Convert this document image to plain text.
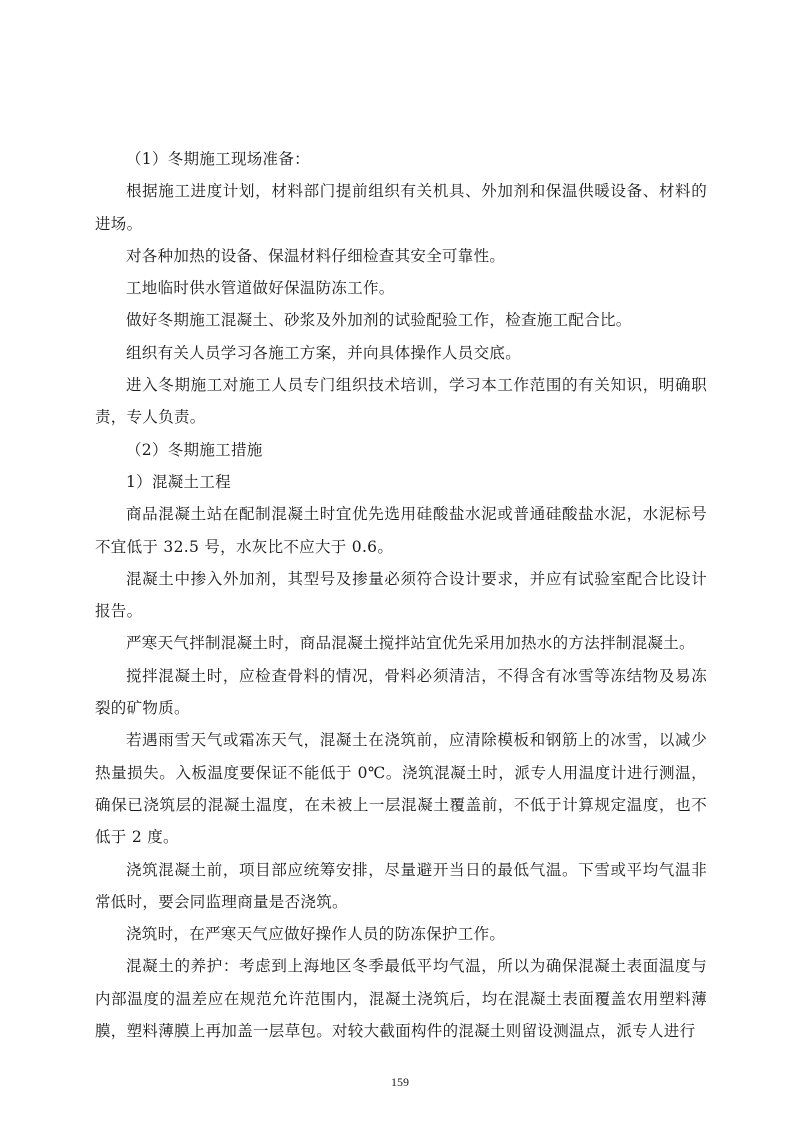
（1）冬期施工现场准备：

根据施工进度计划，材料部门提前组织有关机具、外加剂和保温供暖设备、材料的进场。

对各种加热的设备、保温材料仔细检查其安全可靠性。

工地临时供水管道做好保温防冻工作。

做好冬期施工混凝土、砂浆及外加剂的试验配验工作，检查施工配合比。

组织有关人员学习各施工方案，并向具体操作人员交底。

进入冬期施工对施工人员专门组织技术培训，学习本工作范围的有关知识，明确职责，专人负责。

（2）冬期施工措施

1）混凝土工程

商品混凝土站在配制混凝土时宜优先选用硅酸盐水泥或普通硅酸盐水泥，水泥标号不宜低于 32.5 号，水灰比不应大于 0.6。

混凝土中掺入外加剂，其型号及掺量必须符合设计要求，并应有试验室配合比设计报告。

严寒天气拌制混凝土时，商品混凝土搅拌站宜优先采用加热水的方法拌制混凝土。

搅拌混凝土时，应检查骨料的情况，骨料必须清洁，不得含有冰雪等冻结物及易冻裂的矿物质。

若遇雨雪天气或霜冻天气，混凝土在浇筑前，应清除模板和钢筋上的冰雪，以减少热量损失。入板温度要保证不能低于 0℃。浇筑混凝土时，派专人用温度计进行测温，确保已浇筑层的混凝土温度，在未被上一层混凝土覆盖前，不低于计算规定温度，也不低于 2 度。

浇筑混凝土前，项目部应统筹安排，尽量避开当日的最低气温。下雪或平均气温非常低时，要会同监理商量是否浇筑。

浇筑时，在严寒天气应做好操作人员的防冻保护工作。

混凝土的养护：考虑到上海地区冬季最低平均气温，所以为确保混凝土表面温度与内部温度的温差应在规范允许范围内，混凝土浇筑后，均在混凝土表面覆盖农用塑料薄膜，塑料薄膜上再加盖一层草包。对较大截面构件的混凝土则留设测温点，派专人进行

159
